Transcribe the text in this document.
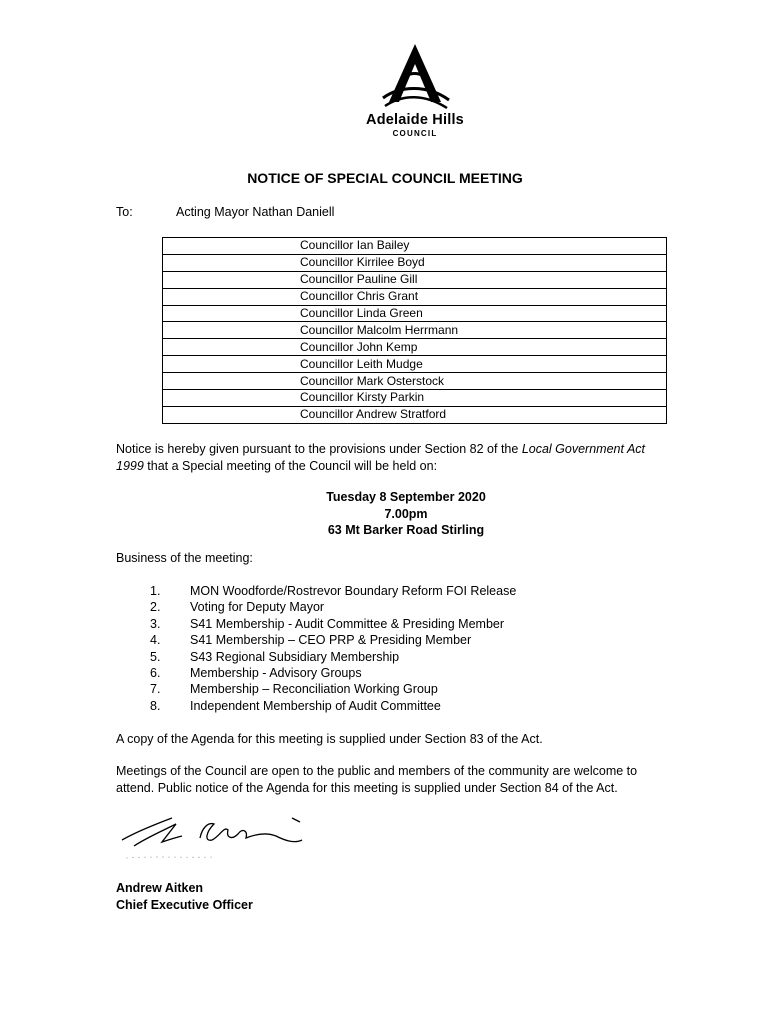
Adelaide Hills
COUNCIL
NOTICE OF SPECIAL COUNCIL MEETING
To:	Acting Mayor Nathan Daniell
Councillor Ian Bailey
Councillor Kirrilee Boyd
Councillor Pauline Gill
Councillor Chris Grant
Councillor Linda Green
Councillor Malcolm Herrmann
Councillor John Kemp
Councillor Leith Mudge
Councillor Mark Osterstock
Councillor Kirsty Parkin
Councillor Andrew Stratford
Notice is hereby given pursuant to the provisions under Section 82 of the Local Government Act 1999 that a Special meeting of the Council will be held on:
Tuesday 8 September 2020
7.00pm
63 Mt Barker Road Stirling
Business of the meeting:
1. MON Woodforde/Rostrevor Boundary Reform FOI Release
2. Voting for Deputy Mayor
3. S41 Membership - Audit Committee & Presiding Member
4. S41 Membership – CEO PRP & Presiding Member
5. S43 Regional Subsidiary Membership
6. Membership - Advisory Groups
7. Membership – Reconciliation Working Group
8. Independent Membership of Audit Committee
A copy of the Agenda for this meeting is supplied under Section 83 of the Act.
Meetings of the Council are open to the public and members of the community are welcome to attend. Public notice of the Agenda for this meeting is supplied under Section 84 of the Act.
Andrew Aitken
Chief Executive Officer
